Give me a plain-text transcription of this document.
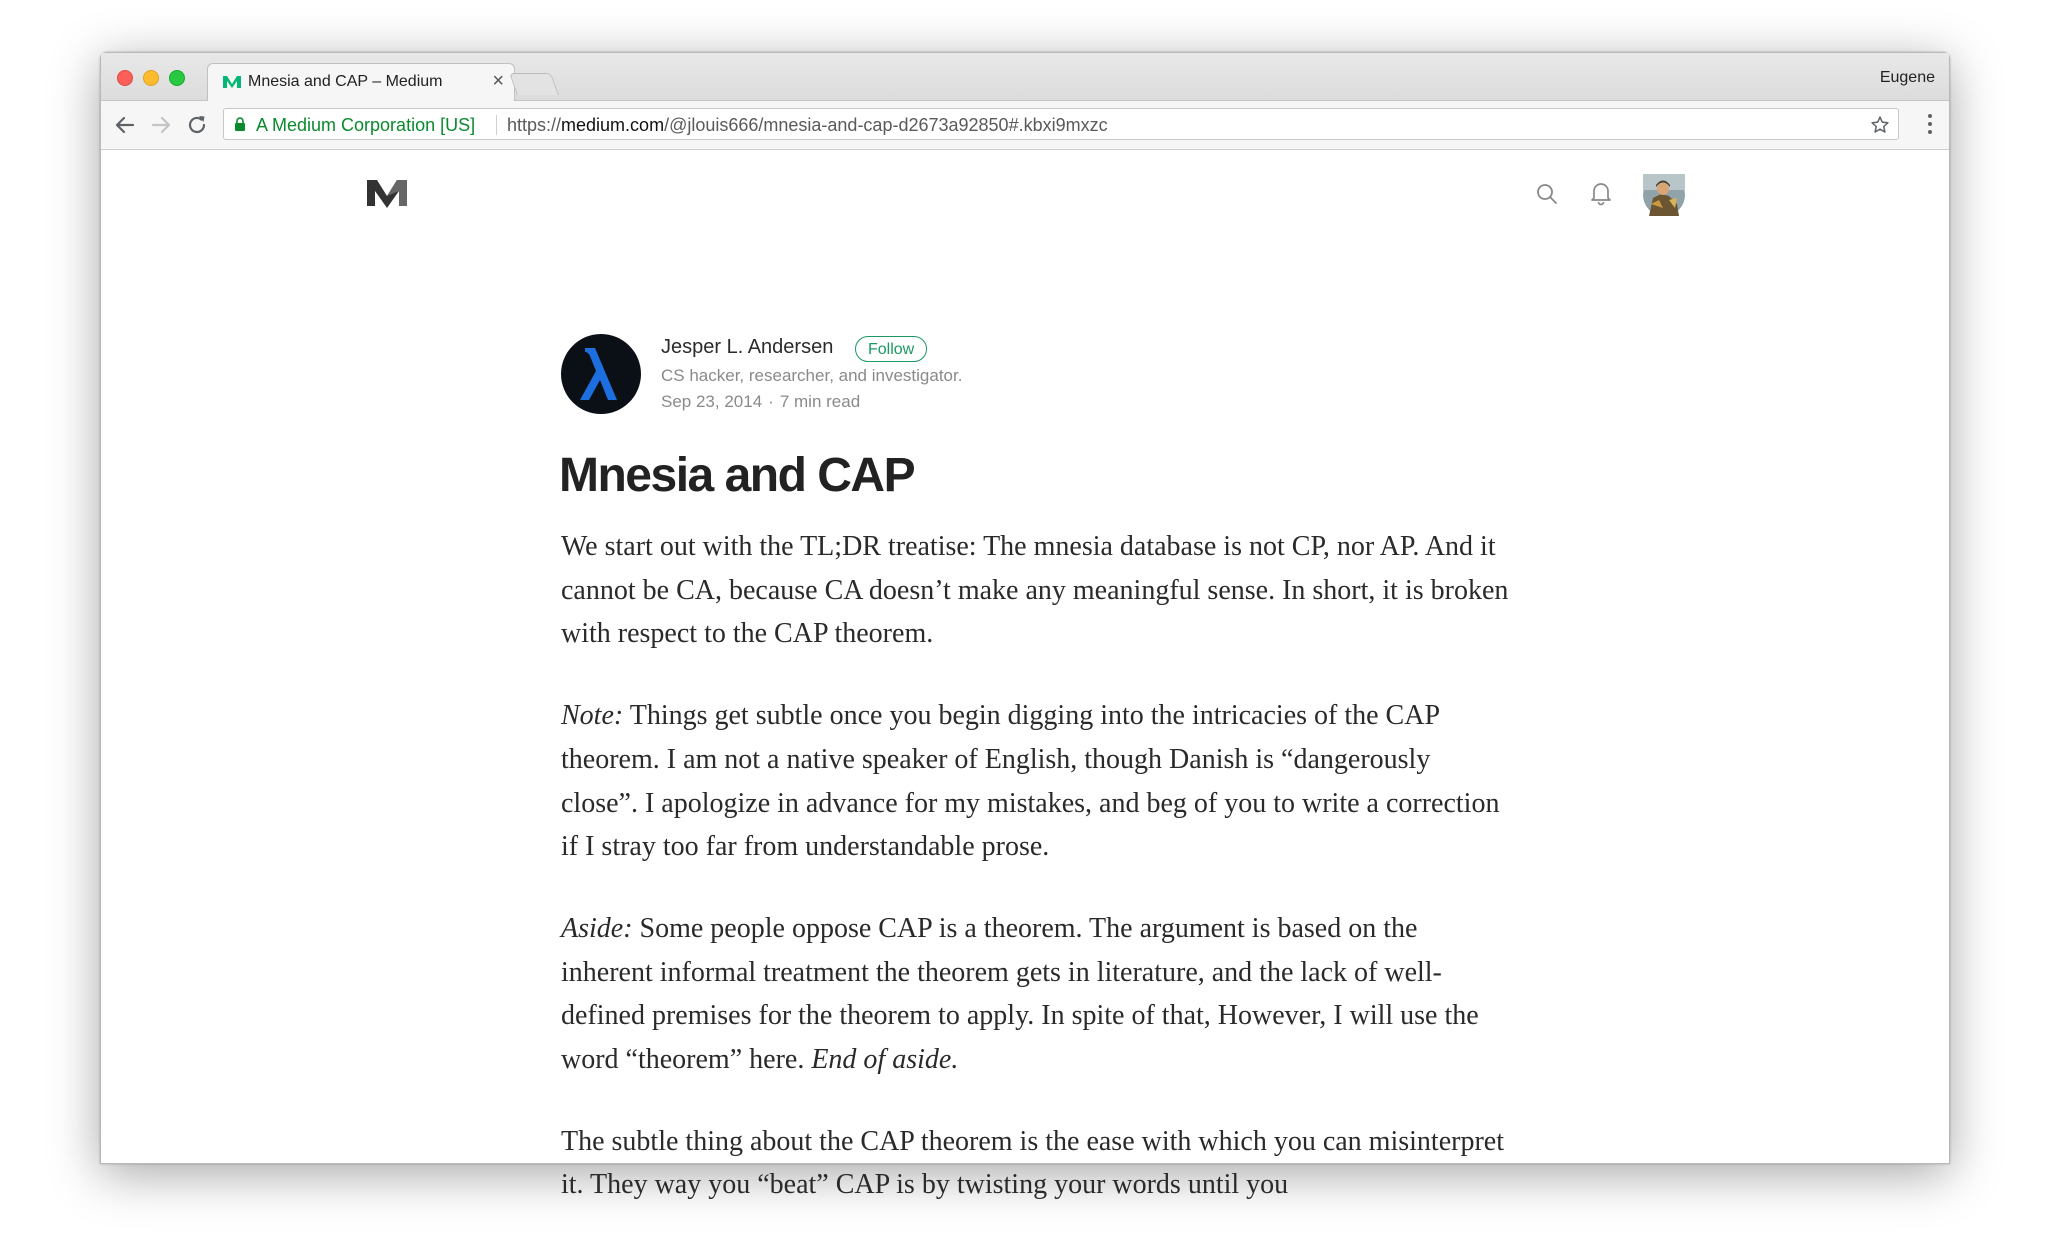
Mnesia and CAP – Medium ×	Eugene
A Medium Corporation [US] https://medium.com/@jlouis666/mnesia-and-cap-d2673a92850#.kbxi9mxzc
Jesper L. Andersen	Follow
CS hacker, researcher, and investigator.
Sep 23, 2014 · 7 min read
Mnesia and CAP

We start out with the TL;DR treatise: The mnesia database is not CP, nor AP. And it cannot be CA, because CA doesn’t make any meaningful sense. In short, it is broken with respect to the CAP theorem.

Note: Things get subtle once you begin digging into the intricacies of the CAP theorem. I am not a native speaker of English, though Danish is “dangerously close”. I apologize in advance for my mistakes, and beg of you to write a correction if I stray too far from understandable prose.

Aside: Some people oppose CAP is a theorem. The argument is based on the inherent informal treatment the theorem gets in literature, and the lack of well-defined premises for the theorem to apply. In spite of that, However, I will use the word “theorem” here. End of aside.

The subtle thing about the CAP theorem is the ease with which you can misinterpret it. They way you “beat” CAP is by twisting your words until you
